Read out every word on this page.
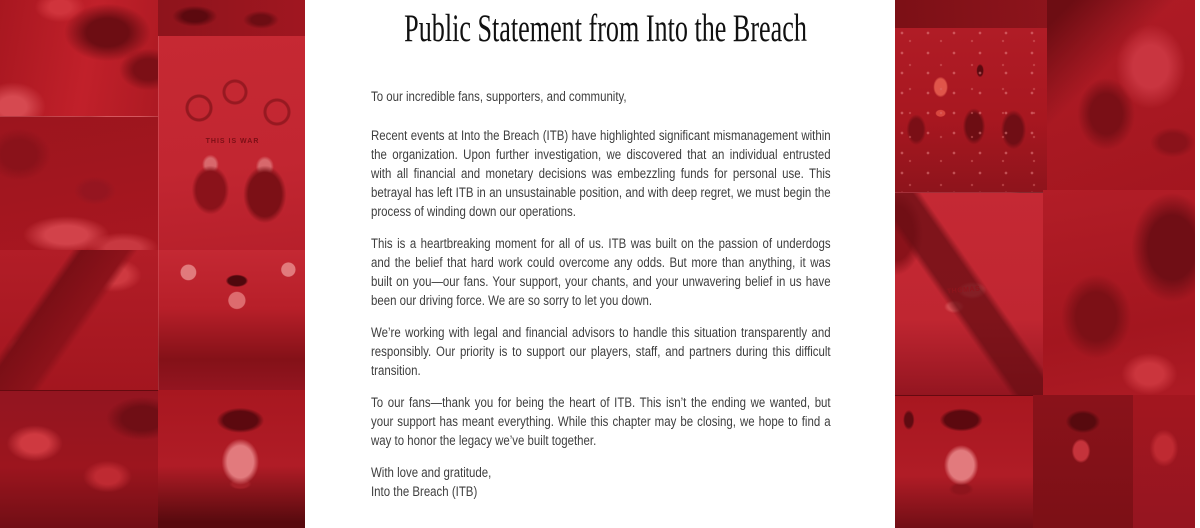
THIS IS WAR
THOMAS
Public Statement from Into the Breach

To our incredible fans, supporters, and community,

Recent events at Into the Breach (ITB) have highlighted significant mismanagement within the organization. Upon further investigation, we discovered that an individual entrusted with all financial and monetary decisions was embezzling funds for personal use. This betrayal has left ITB in an unsustainable position, and with deep regret, we must begin the process of winding down our operations.

This is a heartbreaking moment for all of us. ITB was built on the passion of underdogs and the belief that hard work could overcome any odds. But more than anything, it was built on you—our fans. Your support, your chants, and your unwavering belief in us have been our driving force. We are so sorry to let you down.

We’re working with legal and financial advisors to handle this situation transparently and responsibly. Our priority is to support our players, staff, and partners during this difficult transition.

To our fans—thank you for being the heart of ITB. This isn’t the ending we wanted, but your support has meant everything. While this chapter may be closing, we hope to find a way to honor the legacy we’ve built together.

With love and gratitude,
Into the Breach (ITB)
